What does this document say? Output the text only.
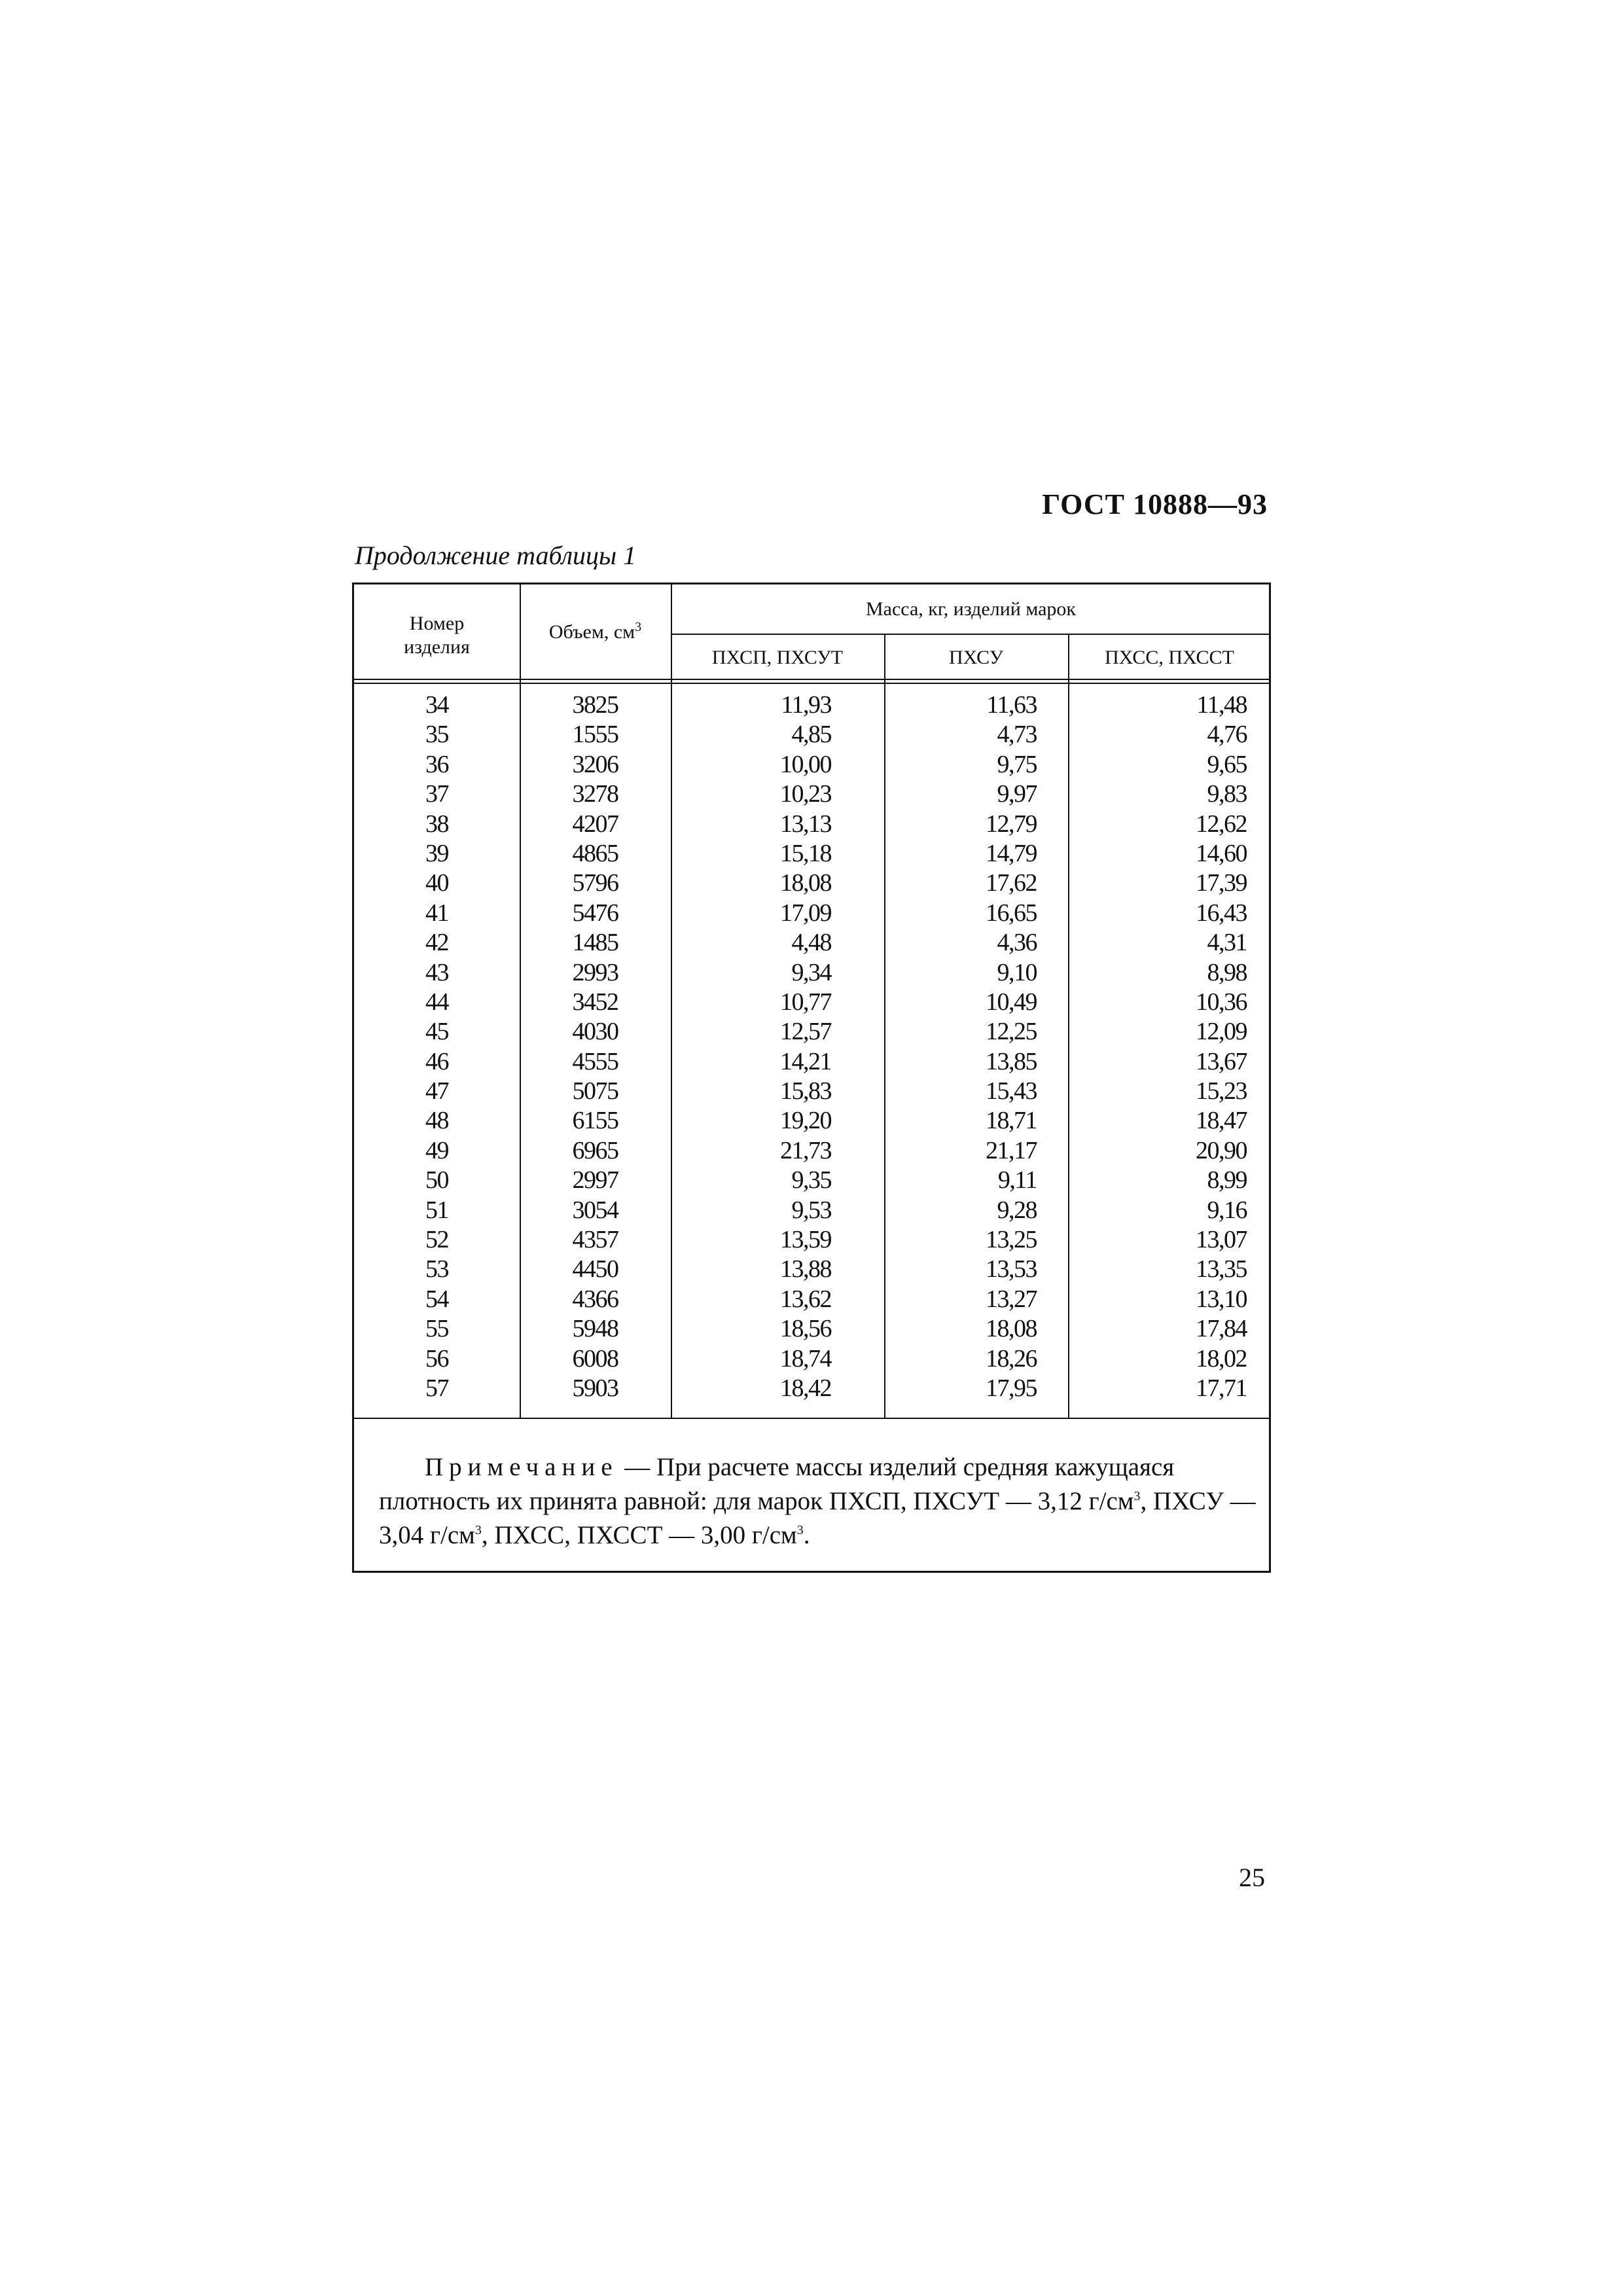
ГОСТ 10888—93

Продолжение таблицы 1

Номер изделия
Объем, $см^3$
Масса, кг, изделий марок
ПХСП, ПХСУТ	ПХСУ	ПХСС, ПХССТ
34
35
36
37
38
39
40
41
42
43
44
45
46
47
48
49
50
51
52
53
54
55
56
57
3825
1555
3206
3278
4207
4865
5796
5476
1485
2993
3452
4030
4555
5075
6155
6965
2997
3054
4357
4450
4366
5948
6008
5903
11,93
4,85
10,00
10,23
13,13
15,18
18,08
17,09
4,48
9,34
10,77
12,57
14,21
15,83
19,20
21,73
9,35
9,53
13,59
13,88
13,62
18,56
18,74
18,42
11,63
4,73
9,75
9,97
12,79
14,79
17,62
16,65
4,36
9,10
10,49
12,25
13,85
15,43
18,71
21,17
9,11
9,28
13,25
13,53
13,27
18,08
18,26
17,95
11,48
4,76
9,65
9,83
12,62
14,60
17,39
16,43
4,31
8,98
10,36
12,09
13,67
15,23
18,47
20,90
8,99
9,16
13,07
13,35
13,10
17,84
18,02
17,71

Примечание — При расчете массы изделий средняя кажущаяся плотность их принята равной: для марок ПХСП, ПХСУТ — 3,12 $г/см^3$, ПХСУ — 3,04 $г/см^3$, ПХСС, ПХССТ — 3,00 $г/см^3$.

25
